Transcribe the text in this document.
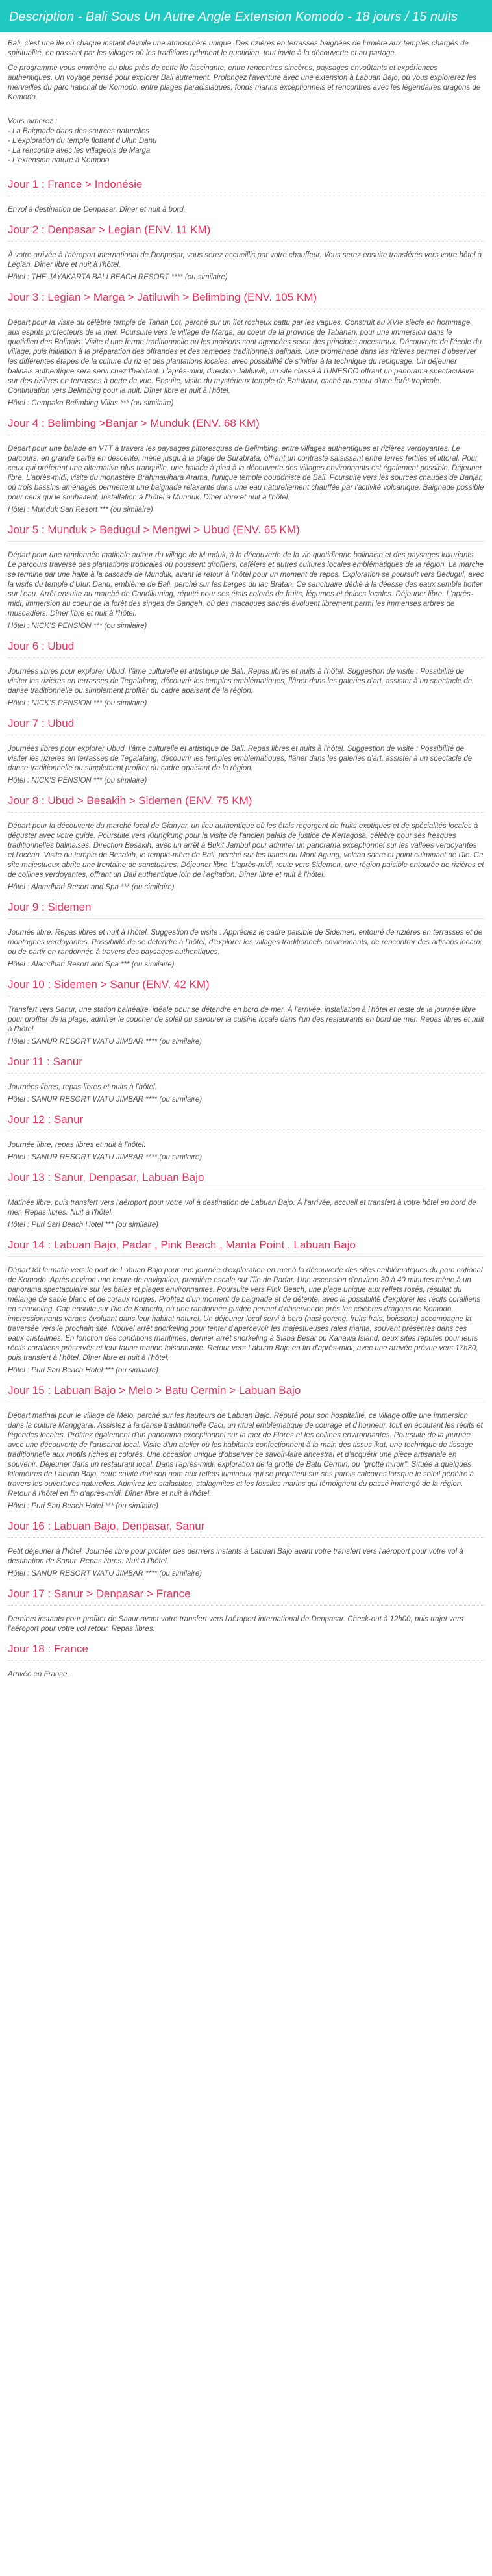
Description - Bali Sous Un Autre Angle Extension Komodo - 18 jours / 15 nuits

Bali, c'est une île où chaque instant dévoile une atmosphère unique. Des rizières en terrasses baignées de lumière aux temples chargés de spiritualité, en passant par les villages où les traditions rythment le quotidien, tout invite à la découverte et au partage.

Ce programme vous emmène au plus près de cette île fascinante, entre rencontres sincères, paysages envoûtants et expériences authentiques. Un voyage pensé pour explorer Bali autrement. Prolongez l'aventure avec une extension à Labuan Bajo, où vous explorerez les merveilles du parc national de Komodo, entre plages paradisiaques, fonds marins exceptionnels et rencontres avec les légendaires dragons de Komodo.

Vous aimerez :
- La Baignade dans des sources naturelles
- L'exploration du temple flottant d'Ulun Danu
- La rencontre avec les villageois de Marga
- L'extension nature à Komodo
Jour 1 : France > Indonésie

Envol à destination de Denpasar. Dîner et nuit à bord.

Jour 2 : Denpasar > Legian (ENV. 11 KM)

À votre arrivée à l'aéroport international de Denpasar, vous serez accueillis par votre chauffeur. Vous serez ensuite transférés vers votre hôtel à Legian. Dîner libre et nuit à l'hôtel.

Hôtel : THE JAYAKARTA BALI BEACH RESORT **** (ou similaire)
Jour 3 : Legian > Marga > Jatiluwih > Belimbing (ENV. 105 KM)

Départ pour la visite du célèbre temple de Tanah Lot, perché sur un îlot rocheux battu par les vagues. Construit au XVIe siècle en hommage aux esprits protecteurs de la mer. Poursuite vers le village de Marga, au coeur de la province de Tabanan, pour une immersion dans le quotidien des Balinais. Visite d'une ferme traditionnelle où les maisons sont agencées selon des principes ancestraux. Découverte de l'école du village, puis initiation à la préparation des offrandes et des remèdes traditionnels balinais. Une promenade dans les rizières permet d'observer les différentes étapes de la culture du riz et des plantations locales, avec possibilité de s'initier à la technique du repiquage. Un déjeuner balinais authentique sera servi chez l'habitant. L'après-midi, direction Jatiluwih, un site classé à l'UNESCO offrant un panorama spectaculaire sur des rizières en terrasses à perte de vue. Ensuite, visite du mystérieux temple de Batukaru, caché au coeur d'une forêt tropicale. Continuation vers Belimbing pour la nuit. Dîner libre et nuit à l'hôtel.

Hôtel : Cempaka Belimbing Villas *** (ou similaire)
Jour 4 : Belimbing >Banjar > Munduk (ENV. 68 KM)

Départ pour une balade en VTT à travers les paysages pittoresques de Belimbing, entre villages authentiques et rizières verdoyantes. Le parcours, en grande partie en descente, mène jusqu'à la plage de Surabrata, offrant un contraste saisissant entre terres fertiles et littoral. Pour ceux qui préfèrent une alternative plus tranquille, une balade à pied à la découverte des villages environnants est également possible. Déjeuner libre. L'après-midi, visite du monastère Brahmavihara Arama, l'unique temple bouddhiste de Bali. Poursuite vers les sources chaudes de Banjar, où trois bassins aménagés permettent une baignade relaxante dans une eau naturellement chauffée par l'activité volcanique. Baignade possible pour ceux qui le souhaitent. Installation à l'hôtel à Munduk. Dîner libre et nuit à l'hôtel.

Hôtel : Munduk Sari Resort *** (ou similaire)
Jour 5 : Munduk > Bedugul > Mengwi > Ubud (ENV. 65 KM)

Départ pour une randonnée matinale autour du village de Munduk, à la découverte de la vie quotidienne balinaise et des paysages luxuriants. Le parcours traverse des plantations tropicales où poussent girofliers, caféiers et autres cultures locales emblématiques de la région. La marche se termine par une halte à la cascade de Munduk, avant le retour à l'hôtel pour un moment de repos. Exploration se poursuit vers Bedugul, avec la visite du temple d'Ulun Danu, emblème de Bali, perché sur les berges du lac Bratan. Ce sanctuaire dédié à la déesse des eaux semble flotter sur l'eau. Arrêt ensuite au marché de Candikuning, réputé pour ses étals colorés de fruits, légumes et épices locales. Déjeuner libre. L'après-midi, immersion au coeur de la forêt des singes de Sangeh, où des macaques sacrés évoluent librement parmi les immenses arbres de muscadiers. Dîner libre et nuit à l'hôtel.

Hôtel : NICK'S PENSION *** (ou similaire)
Jour 6 : Ubud

Journées libres pour explorer Ubud, l'âme culturelle et artistique de Bali. Repas libres et nuits à l'hôtel. Suggestion de visite : Possibilité de visiter les rizières en terrasses de Tegalalang, découvrir les temples emblématiques, flâner dans les galeries d'art, assister à un spectacle de danse traditionnelle ou simplement profiter du cadre apaisant de la région.

Hôtel : NICK'S PENSION *** (ou similaire)
Jour 7 : Ubud

Journées libres pour explorer Ubud, l'âme culturelle et artistique de Bali. Repas libres et nuits à l'hôtel. Suggestion de visite : Possibilité de visiter les rizières en terrasses de Tegalalang, découvrir les temples emblématiques, flâner dans les galeries d'art, assister à un spectacle de danse traditionnelle ou simplement profiter du cadre apaisant de la région.

Hôtel : NICK'S PENSION *** (ou similaire)
Jour 8 : Ubud > Besakih > Sidemen (ENV. 75 KM)

Départ pour la découverte du marché local de Gianyar, un lieu authentique où les étals regorgent de fruits exotiques et de spécialités locales à déguster avec votre guide. Poursuite vers Klungkung pour la visite de l'ancien palais de justice de Kertagosa, célèbre pour ses fresques traditionnelles balinaises. Direction Besakih, avec un arrêt à Bukit Jambul pour admirer un panorama exceptionnel sur les vallées verdoyantes et l'océan. Visite du temple de Besakih, le temple-mère de Bali, perché sur les flancs du Mont Agung, volcan sacré et point culminant de l'île. Ce site majestueux abrite une trentaine de sanctuaires. Déjeuner libre. L'après-midi, route vers Sidemen, une région paisible entourée de rizières et de collines verdoyantes, offrant un Bali authentique loin de l'agitation. Dîner libre et nuit à l'hôtel.

Hôtel : Alamdhari Resort and Spa *** (ou similaire)
Jour 9 : Sidemen

Journée libre. Repas libres et nuit à l'hôtel. Suggestion de visite : Appréciez le cadre paisible de Sidemen, entouré de rizières en terrasses et de montagnes verdoyantes. Possibilité de se détendre à l'hôtel, d'explorer les villages traditionnels environnants, de rencontrer des artisans locaux ou de partir en randonnée à travers des paysages authentiques.

Hôtel : Alamdhari Resort and Spa *** (ou similaire)
Jour 10 : Sidemen > Sanur (ENV. 42 KM)

Transfert vers Sanur, une station balnéaire, idéale pour se détendre en bord de mer. À l'arrivée, installation à l'hôtel et reste de la journée libre pour profiter de la plage, admirer le coucher de soleil ou savourer la cuisine locale dans l'un des restaurants en bord de mer. Repas libres et nuit à l'hôtel.

Hôtel : SANUR RESORT WATU JIMBAR **** (ou similaire)
Jour 11 : Sanur

Journées libres, repas libres et nuits à l'hôtel.

Hôtel : SANUR RESORT WATU JIMBAR **** (ou similaire)
Jour 12 : Sanur

Journée libre, repas libres et nuit à l'hôtel.

Hôtel : SANUR RESORT WATU JIMBAR **** (ou similaire)
Jour 13 : Sanur, Denpasar, Labuan Bajo

Matinée libre, puis transfert vers l'aéroport pour votre vol à destination de Labuan Bajo. À l'arrivée, accueil et transfert à votre hôtel en bord de mer. Repas libres. Nuit à l'hôtel.

Hôtel : Puri Sari Beach Hotel *** (ou similaire)
Jour 14 : Labuan Bajo, Padar , Pink Beach , Manta Point , Labuan Bajo

Départ tôt le matin vers le port de Labuan Bajo pour une journée d'exploration en mer à la découverte des sites emblématiques du parc national de Komodo. Après environ une heure de navigation, première escale sur l'île de Padar. Une ascension d'environ 30 à 40 minutes mène à un panorama spectaculaire sur les baies et plages environnantes. Poursuite vers Pink Beach, une plage unique aux reflets rosés, résultat du mélange de sable blanc et de coraux rouges. Profitez d'un moment de baignade et de détente, avec la possibilité d'explorer les récifs coralliens en snorkeling. Cap ensuite sur l'île de Komodo, où une randonnée guidée permet d'observer de près les célèbres dragons de Komodo, impressionnants varans évoluant dans leur habitat naturel. Un déjeuner local servi à bord (nasi goreng, fruits frais, boissons) accompagne la traversée vers le prochain site. Nouvel arrêt snorkeling pour tenter d'apercevoir les majestueuses raies manta, souvent présentes dans ces eaux cristallines. En fonction des conditions maritimes, dernier arrêt snorkeling à Siaba Besar ou Kanawa Island, deux sites réputés pour leurs récifs coralliens préservés et leur faune marine foisonnante. Retour vers Labuan Bajo en fin d'après-midi, avec une arrivée prévue vers 17h30, puis transfert à l'hôtel. Dîner libre et nuit à l'hôtel.

Hôtel : Puri Sari Beach Hotel *** (ou similaire)
Jour 15 : Labuan Bajo > Melo > Batu Cermin > Labuan Bajo

Départ matinal pour le village de Melo, perché sur les hauteurs de Labuan Bajo. Réputé pour son hospitalité, ce village offre une immersion dans la culture Manggarai. Assistez à la danse traditionnelle Caci, un rituel emblématique de courage et d'honneur, tout en écoutant les récits et légendes locales. Profitez également d'un panorama exceptionnel sur la mer de Flores et les collines environnantes. Poursuite de la journée avec une découverte de l'artisanat local. Visite d'un atelier où les habitants confectionnent à la main des tissus ikat, une technique de tissage traditionnelle aux motifs riches et colorés. Une occasion unique d'observer ce savoir-faire ancestral et d'acquérir une pièce artisanale en souvenir. Déjeuner dans un restaurant local. Dans l'après-midi, exploration de la grotte de Batu Cermin, ou "grotte miroir". Située à quelques kilomètres de Labuan Bajo, cette cavité doit son nom aux reflets lumineux qui se projettent sur ses parois calcaires lorsque le soleil pénètre à travers les ouvertures naturelles. Admirez les stalactites, stalagmites et les fossiles marins qui témoignent du passé immergé de la région. Retour à l'hôtel en fin d'après-midi. Dîner libre et nuit à l'hôtel.

Hôtel : Puri Sari Beach Hotel *** (ou similaire)
Jour 16 : Labuan Bajo, Denpasar, Sanur

Petit déjeuner à l'hôtel. Journée libre pour profiter des derniers instants à Labuan Bajo avant votre transfert vers l'aéroport pour votre vol à destination de Sanur. Repas libres. Nuit à l'hôtel.

Hôtel : SANUR RESORT WATU JIMBAR **** (ou similaire)
Jour 17 : Sanur > Denpasar > France

Derniers instants pour profiter de Sanur avant votre transfert vers l'aéroport international de Denpasar. Check-out à 12h00, puis trajet vers l'aéroport pour votre vol retour. Repas libres.

Jour 18 : France

Arrivée en France.
